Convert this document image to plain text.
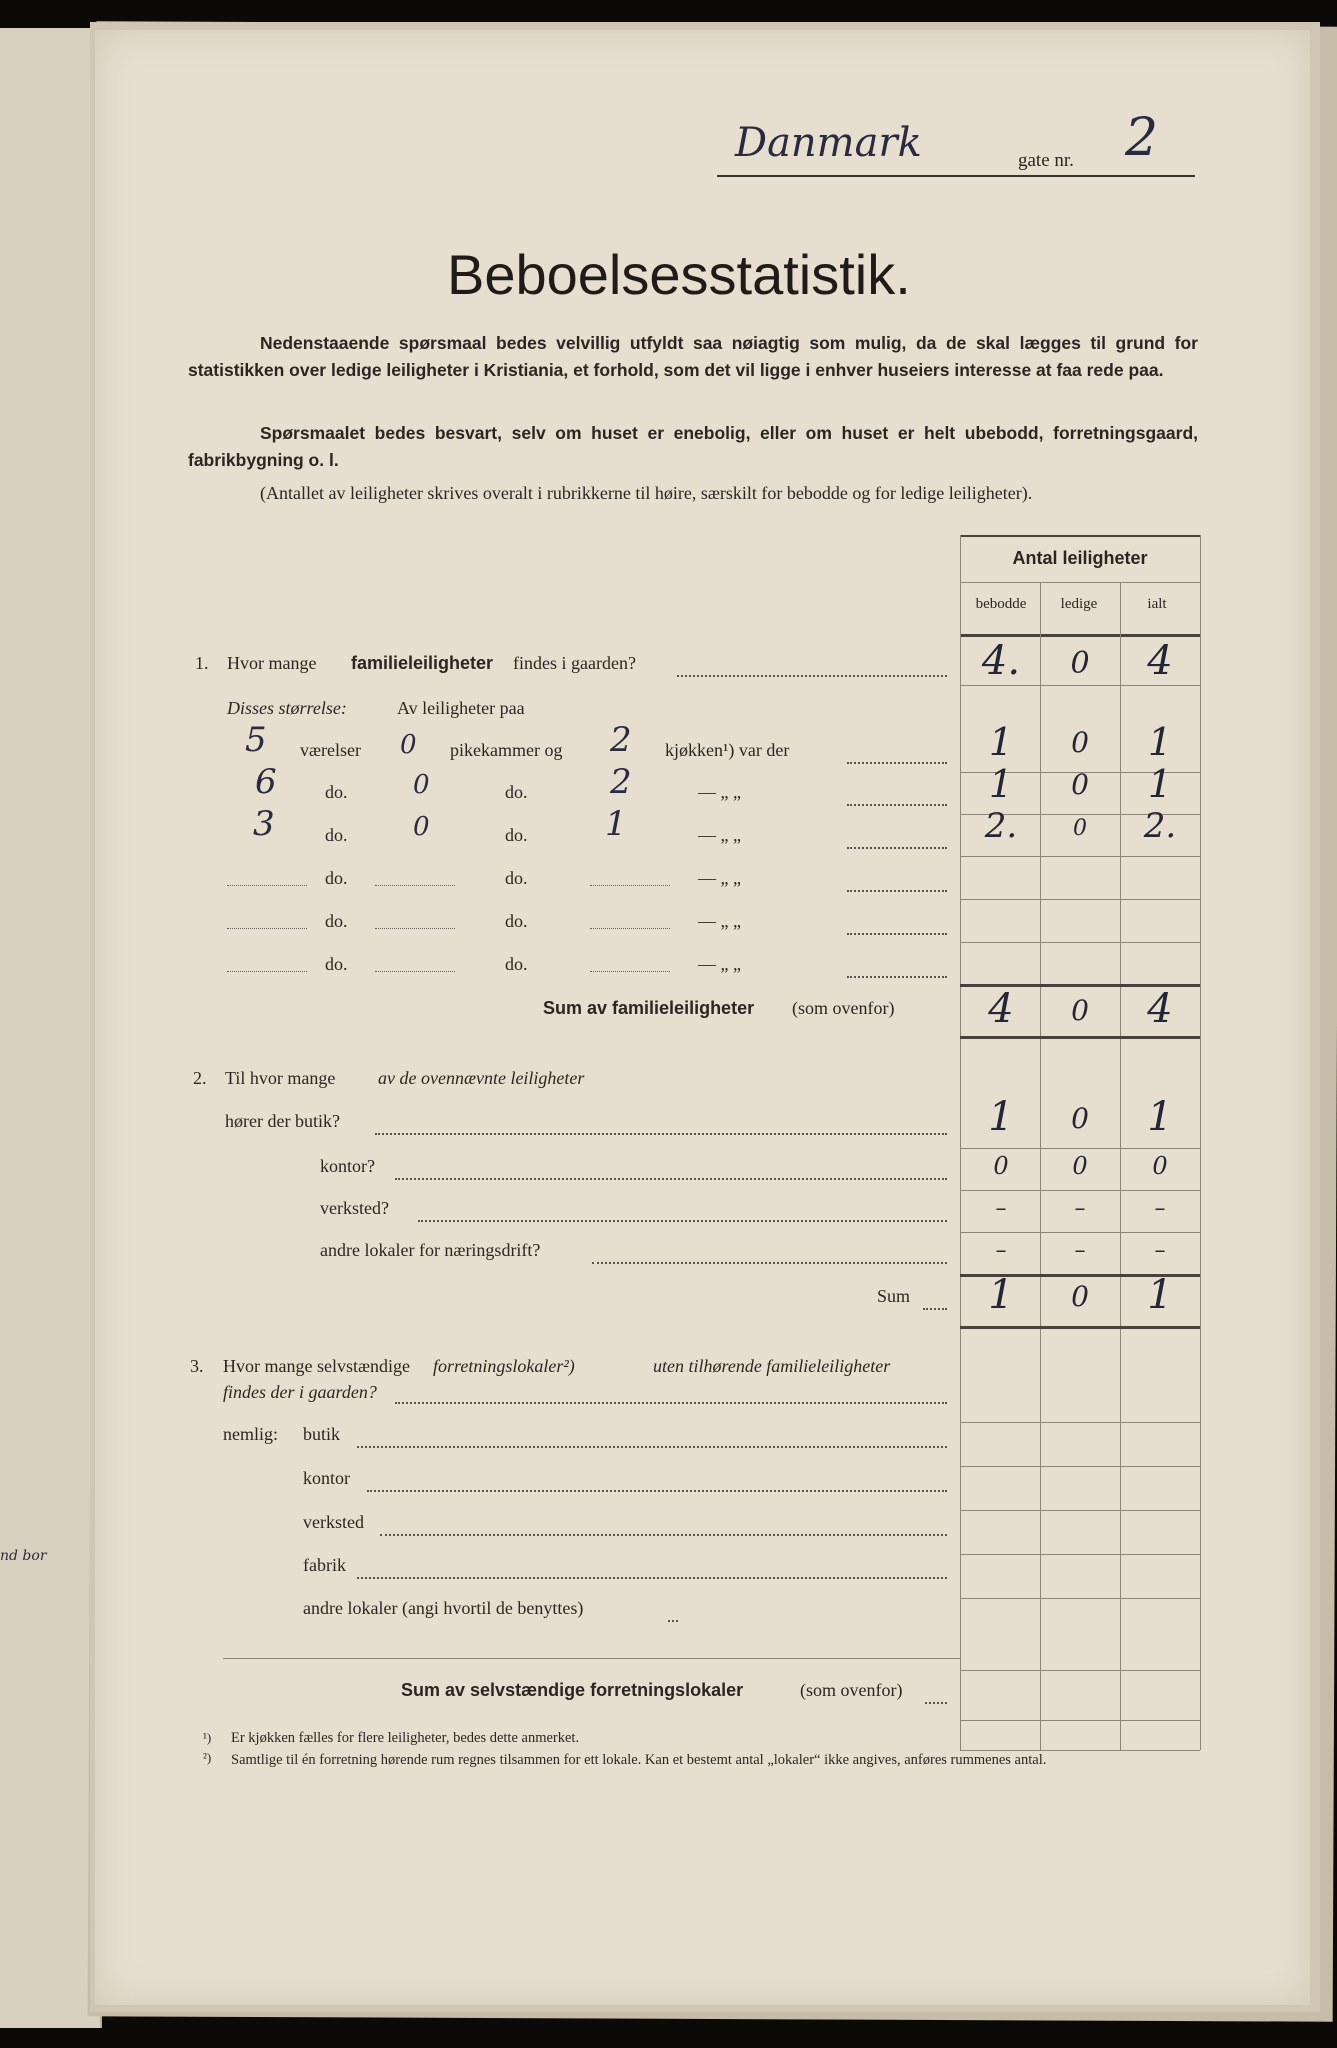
nd bor
Danmark	gate nr. 2
Beboelsesstatistik.
Nedenstaaende spørsmaal bedes velvillig utfyldt saa nøiagtig som mulig, da de skal lægges til grund for statistikken over ledige leiligheter i Kristiania, et forhold, som det vil ligge i enhver huseiers interesse at faa rede paa.
Spørsmaalet bedes besvart, selv om huset er enebolig, eller om huset er helt ubebodd, forretningsgaard, fabrikbygning o. l.
(Antallet av leiligheter skrives overalt i rubrikkerne til høire, særskilt for bebodde og for ledige leiligheter).
Antal leiligheter
bebodde	ledige	ialt
1. Hvor mange familieleiligheter findes i gaarden?	4.	0	4
Disses størrelse:	Av leiligheter paa
5 værelser 0 pikekammer og 2 kjøkken¹) var der	1	0	1
6	do.	0	do. 2	— „ „	1	0	1
3	do.	0	do. 1	— „ „	2.	0	2.
do.	do.	— „ „
do.	do.	— „ „
do.	do.	— „ „
Sum av familieleiligheter (som ovenfor)	4	0	4
2. Til hvor mange av de ovennævnte leiligheter
hører der butik?	1	0	1
kontor?	0	0	0
verksted?	–	–	–
andre lokaler for næringsdrift?	–	–	–
Sum	1	0	1
3. Hvor mange selvstændige forretningslokaler²)	uten tilhørende familieleiligheter
findes der i gaarden?
nemlig: butik
kontor
verksted
fabrik
andre lokaler (angi hvortil de benyttes)
Sum av selvstændige forretningslokaler	(som ovenfor)
¹) Er kjøkken fælles for flere leiligheter, bedes dette anmerket.
²) Samtlige til én forretning hørende rum regnes tilsammen for ett lokale. Kan et bestemt antal „lokaler“ ikke angives, anføres rummenes antal.
